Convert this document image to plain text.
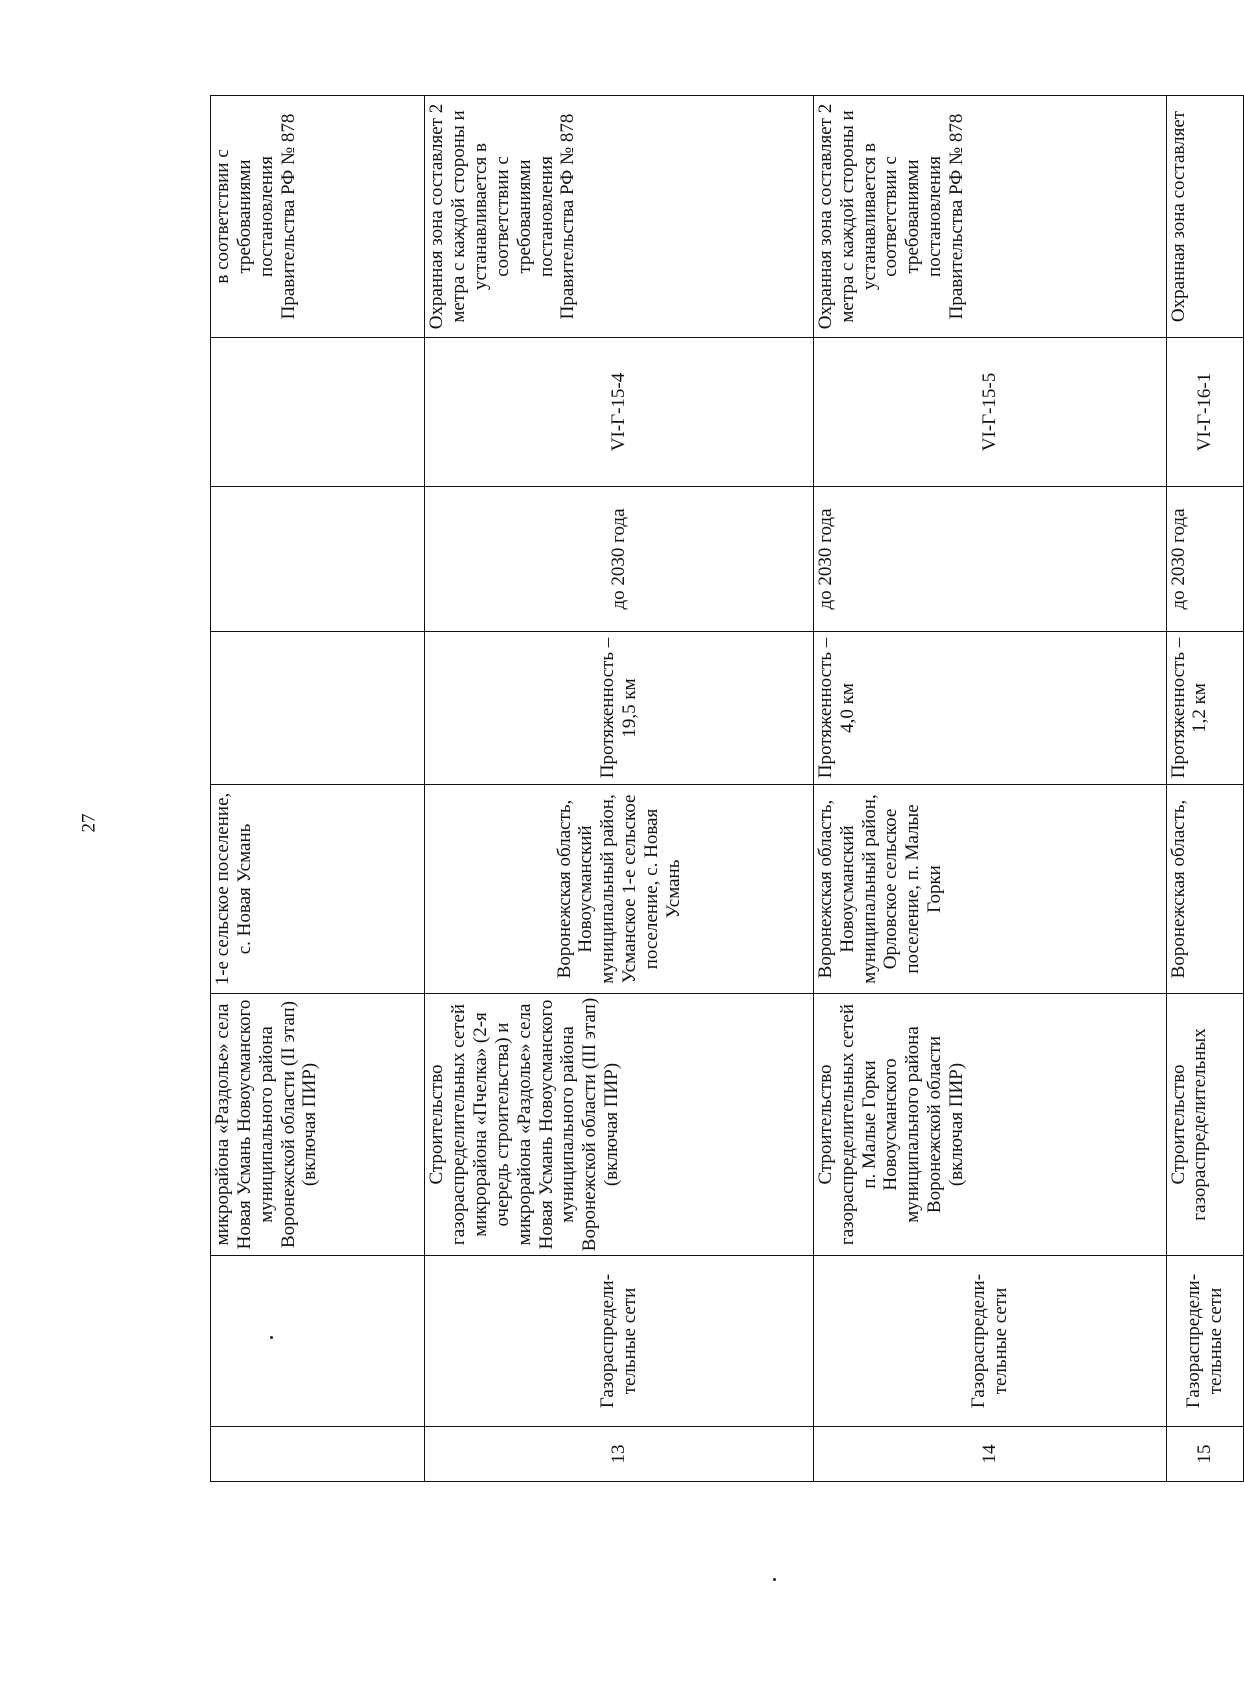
27
		микрорайона «Раздолье» села Новая Усмань Новоусманского муниципального района Воронежской области (II этап) (включая ПИР)	1-е сельское поселение, с. Новая Усмань				в соответствии с требованиями постановления Правительства РФ № 878
13	Газораспредели-тельные сети	Строительство газораспределительных сетей микрорайона «Пчелка» (2-я очередь строительства) и микрорайона «Раздолье» села Новая Усмань Новоусманского муниципального района Воронежской области (III этап) (включая ПИР)	Воронежская область, Новоусманский муниципальный район, Усманское 1-е сельское поселение, с. Новая Усмань	Протяженность – 19,5 км	до 2030 года	VI-Г-15-4	Охранная зона составляет 2 метра с каждой стороны и устанавливается в соответствии с требованиями постановления Правительства РФ № 878
14	Газораспредели-тельные сети	Строительство газораспределительных сетей п. Малые Горки Новоусманского муниципального района Воронежской области (включая ПИР)	Воронежская область, Новоусманский муниципальный район, Орловское сельское поселение, п. Малые Горки	Протяженность – 4,0 км	до 2030 года	VI-Г-15-5	Охранная зона составляет 2 метра с каждой стороны и устанавливается в соответствии с требованиями постановления Правительства РФ № 878
15	Газораспредели-тельные сети	Строительство газораспределительных	Воронежская область,	Протяженность – 1,2 км	до 2030 года	VI-Г-16-1	Охранная зона составляет
